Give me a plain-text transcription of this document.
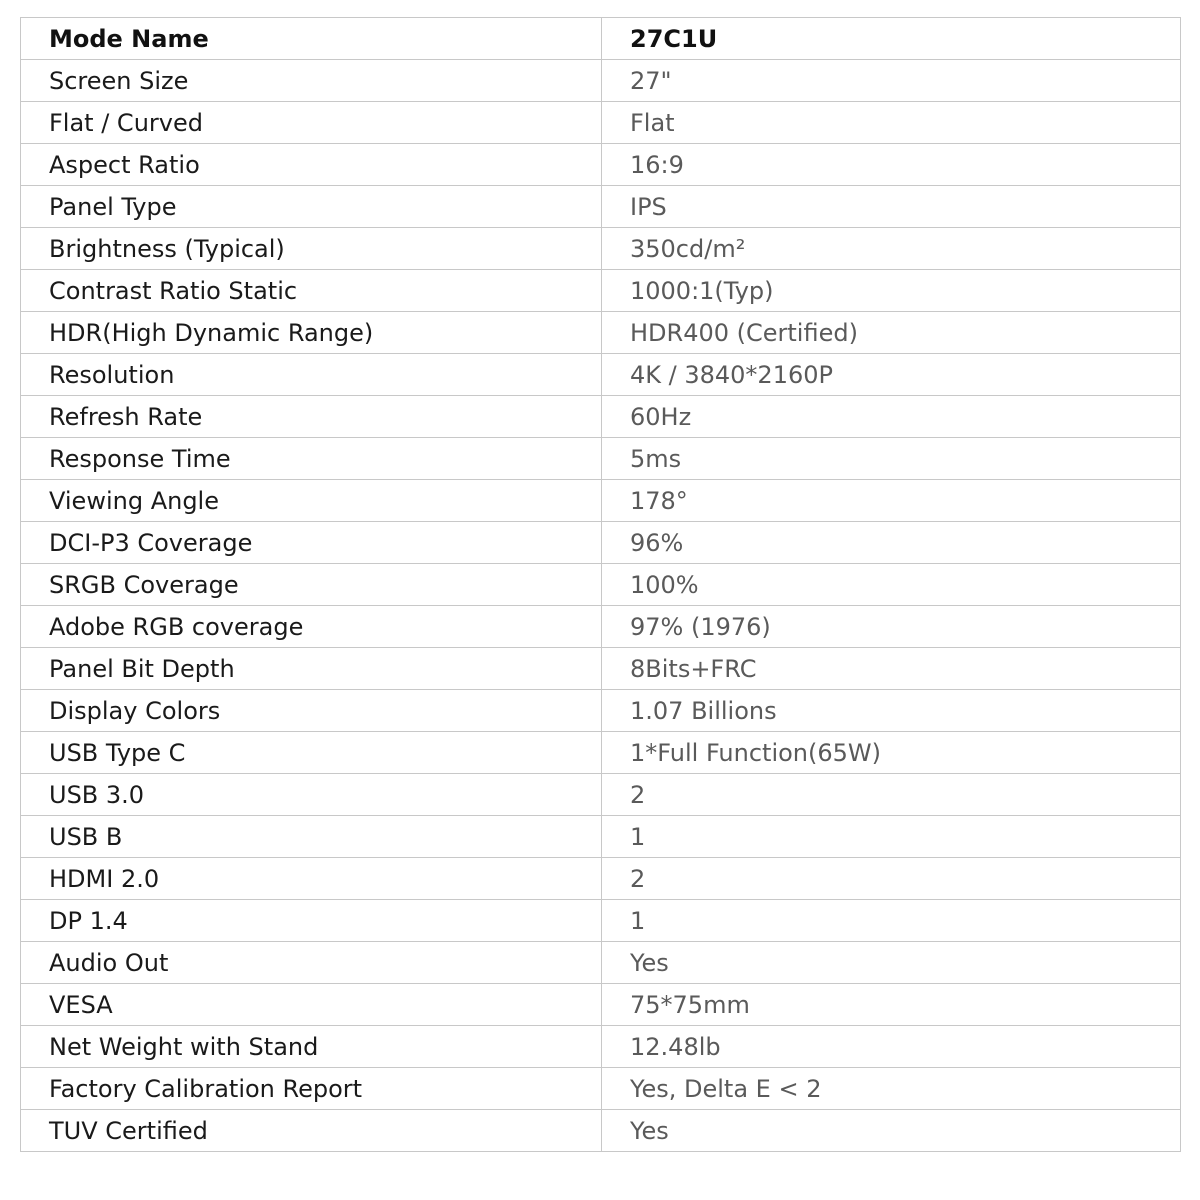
Mode Name	27C1U
Screen Size	27"
Flat / Curved	Flat
Aspect Ratio	16:9
Panel Type	IPS
Brightness (Typical)	350cd/m²
Contrast Ratio Static	1000:1(Typ)
HDR(High Dynamic Range)	HDR400 (Certified)
Resolution	4K / 3840*2160P
Refresh Rate	60Hz
Response Time	5ms
Viewing Angle	178°
DCI-P3 Coverage	96%
SRGB Coverage	100%
Adobe RGB coverage	97% (1976)
Panel Bit Depth	8Bits+FRC
Display Colors	1.07 Billions
USB Type C	1*Full Function(65W)
USB 3.0	2
USB B	1
HDMI 2.0	2
DP 1.4	1
Audio Out	Yes
VESA	75*75mm
Net Weight with Stand	12.48lb
Factory Calibration Report	Yes, Delta E < 2
TUV Certified	Yes
